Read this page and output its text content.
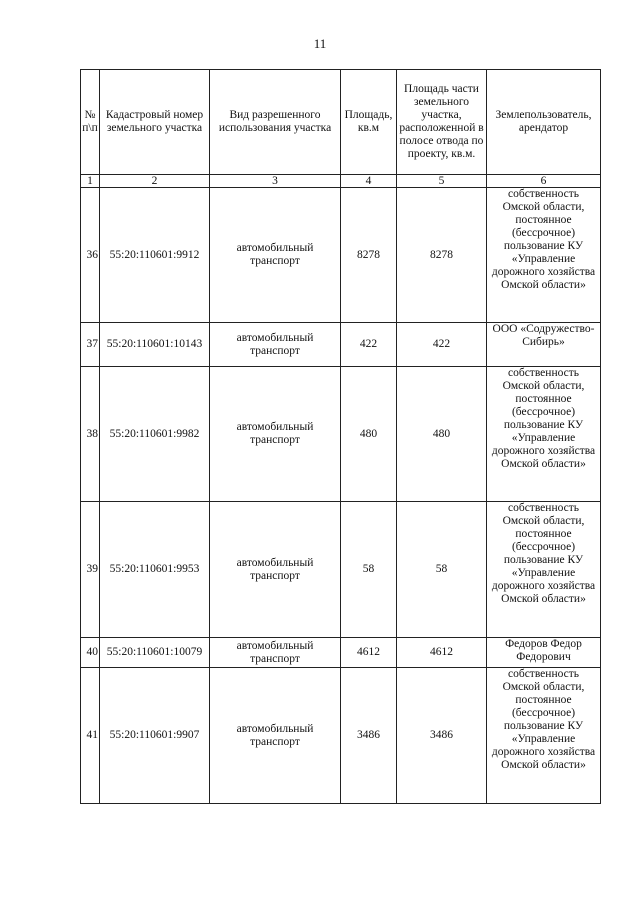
11
№ п\п	Кадастровый номер земельного участка	Вид разрешенного использования участка	Площадь, кв.м	Площадь части земельного участка, расположенной в полосе отвода по проекту, кв.м.	Землепользователь, арендатор
1	2	3	4	5	6
36	55:20:110601:9912	автомобильный транспорт	8278	8278	собственность Омской области, постоянное (бессрочное) пользование КУ «Управление дорожного хозяйства Омской области»
37	55:20:110601:10143	автомобильный транспорт	422	422	ООО «Содружество-Сибирь»
38	55:20:110601:9982	автомобильный транспорт	480	480	собственность Омской области, постоянное (бессрочное) пользование КУ «Управление дорожного хозяйства Омской области»
39	55:20:110601:9953	автомобильный транспорт	58	58	собственность Омской области, постоянное (бессрочное) пользование КУ «Управление дорожного хозяйства Омской области»
40	55:20:110601:10079	автомобильный транспорт	4612	4612	Федоров Федор Федорович
41	55:20:110601:9907	автомобильный транспорт	3486	3486	собственность Омской области, постоянное (бессрочное) пользование КУ «Управление дорожного хозяйства Омской области»
